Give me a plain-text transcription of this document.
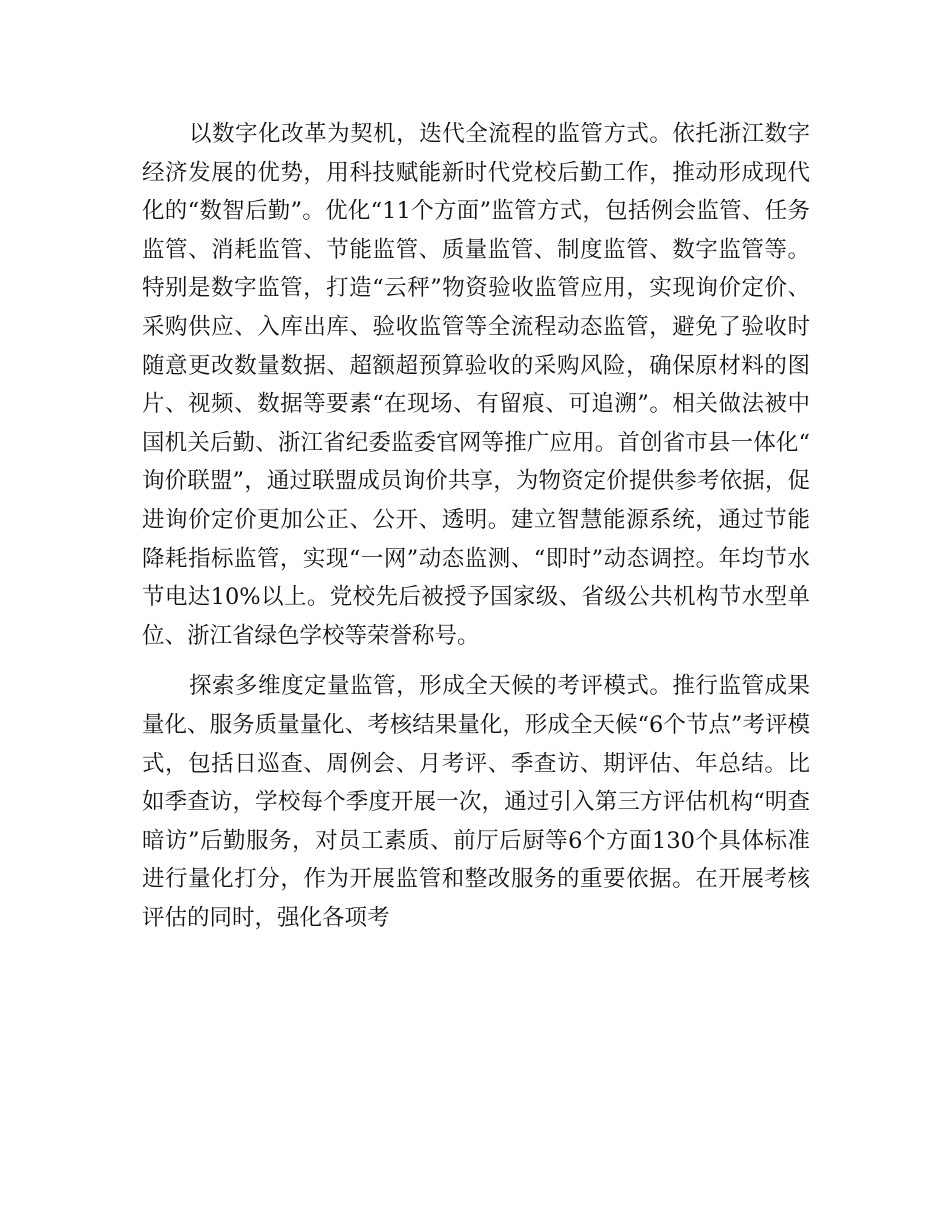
以数字化改革为契机，迭代全流程的监管方式。依托浙江数字经济发展的优势，用科技赋能新时代党校后勤工作，推动形成现代化的“数智后勤”。优化“11个方面”监管方式，包括例会监管、任务监管、消耗监管、节能监管、质量监管、制度监管、数字监管等。特别是数字监管，打造“云秤”物资验收监管应用，实现询价定价、采购供应、入库出库、验收监管等全流程动态监管，避免了验收时随意更改数量数据、超额超预算验收的采购风险，确保原材料的图片、视频、数据等要素“在现场、有留痕、可追溯”。相关做法被中国机关后勤、浙江省纪委监委官网等推广应用。首创省市县一体化“询价联盟”，通过联盟成员询价共享，为物资定价提供参考依据，促进询价定价更加公正、公开、透明。建立智慧能源系统，通过节能降耗指标监管，实现“一网”动态监测、“即时”动态调控。年均节水节电达10%以上。党校先后被授予国家级、省级公共机构节水型单位、浙江省绿色学校等荣誉称号。

探索多维度定量监管，形成全天候的考评模式。推行监管成果量化、服务质量量化、考核结果量化，形成全天候“6个节点”考评模式，包括日巡查、周例会、月考评、季查访、期评估、年总结。比如季查访，学校每个季度开展一次，通过引入第三方评估机构“明查暗访”后勤服务，对员工素质、前厅后厨等6个方面130个具体标准进行量化打分，作为开展监管和整改服务的重要依据。在开展考核评估的同时，强化各项考
